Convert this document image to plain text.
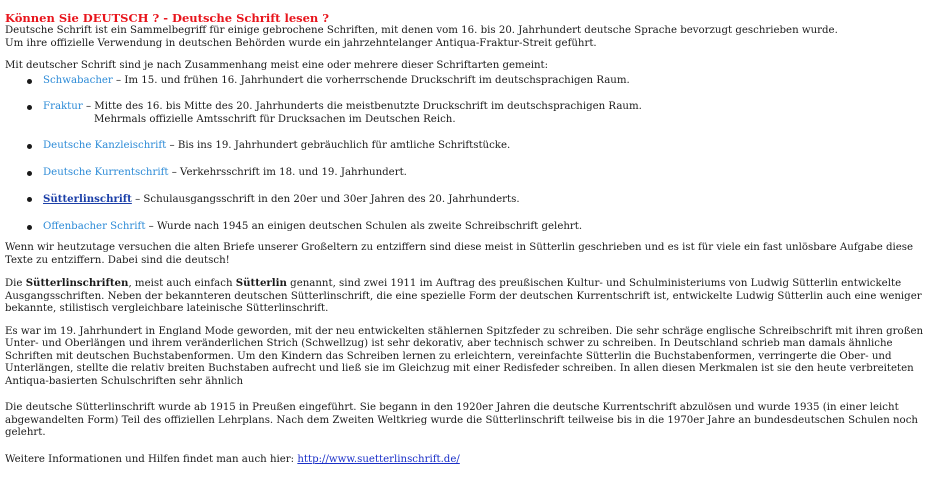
Können Sie DEUTSCH ? - Deutsche Schrift lesen ?

Deutsche Schrift ist ein Sammelbegriff für einige gebrochene Schriften, mit denen vom 16. bis 20. Jahrhundert deutsche Sprache bevorzugt geschrieben wurde.

Um ihre offizielle Verwendung in deutschen Behörden wurde ein jahrzehntelanger Antiqua-Fraktur-Streit geführt.

Mit deutscher Schrift sind je nach Zusammenhang meist eine oder mehrere dieser Schriftarten gemeint:

Schwabacher – Im 15. und frühen 16. Jahrhundert die vorherrschende Druckschrift im deutschsprachigen Raum.
Fraktur – Mitte des 16. bis Mitte des 20. Jahrhunderts die meistbenutzte Druckschrift im deutschsprachigen Raum.
Mehrmals offizielle Amtsschrift für Drucksachen im Deutschen Reich.
Deutsche Kanzleischrift – Bis ins 19. Jahrhundert gebräuchlich für amtliche Schriftstücke.
Deutsche Kurrentschrift – Verkehrsschrift im 18. und 19. Jahrhundert.
Sütterlinschrift – Schulausgangsschrift in den 20er und 30er Jahren des 20. Jahrhunderts.
Offenbacher Schrift – Wurde nach 1945 an einigen deutschen Schulen als zweite Schreibschrift gelehrt.

Wenn wir heutzutage versuchen die alten Briefe unserer Großeltern zu entziffern sind diese meist in Sütterlin geschrieben und es ist für viele ein fast unlösbare Aufgabe diese Texte zu entziffern. Dabei sind die deutsch!

Die Sütterlinschriften, meist auch einfach Sütterlin genannt, sind zwei 1911 im Auftrag des preußischen Kultur- und Schulministeriums von Ludwig Sütterlin entwickelte Ausgangsschriften. Neben der bekannteren deutschen Sütterlinschrift, die eine spezielle Form der deutschen Kurrentschrift ist, entwickelte Ludwig Sütterlin auch eine weniger bekannte, stilistisch vergleichbare lateinische Sütterlinschrift.

Es war im 19. Jahrhundert in England Mode geworden, mit der neu entwickelten stählernen Spitzfeder zu schreiben. Die sehr schräge englische Schreibschrift mit ihren großen Unter- und Oberlängen und ihrem veränderlichen Strich (Schwellzug) ist sehr dekorativ, aber technisch schwer zu schreiben. In Deutschland schrieb man damals ähnliche Schriften mit deutschen Buchstabenformen. Um den Kindern das Schreiben lernen zu erleichtern, vereinfachte Sütterlin die Buchstabenformen, verringerte die Ober- und Unterlängen, stellte die relativ breiten Buchstaben aufrecht und ließ sie im Gleichzug mit einer Redisfeder schreiben. In allen diesen Merkmalen ist sie den heute verbreiteten Antiqua-basierten Schulschriften sehr ähnlich

Die deutsche Sütterlinschrift wurde ab 1915 in Preußen eingeführt. Sie begann in den 1920er Jahren die deutsche Kurrentschrift abzulösen und wurde 1935 (in einer leicht abgewandelten Form) Teil des offiziellen Lehrplans. Nach dem Zweiten Weltkrieg wurde die Sütterlinschrift teilweise bis in die 1970er Jahre an bundesdeutschen Schulen noch gelehrt.

Weitere Informationen und Hilfen findet man auch hier: http://www.suetterlinschrift.de/
